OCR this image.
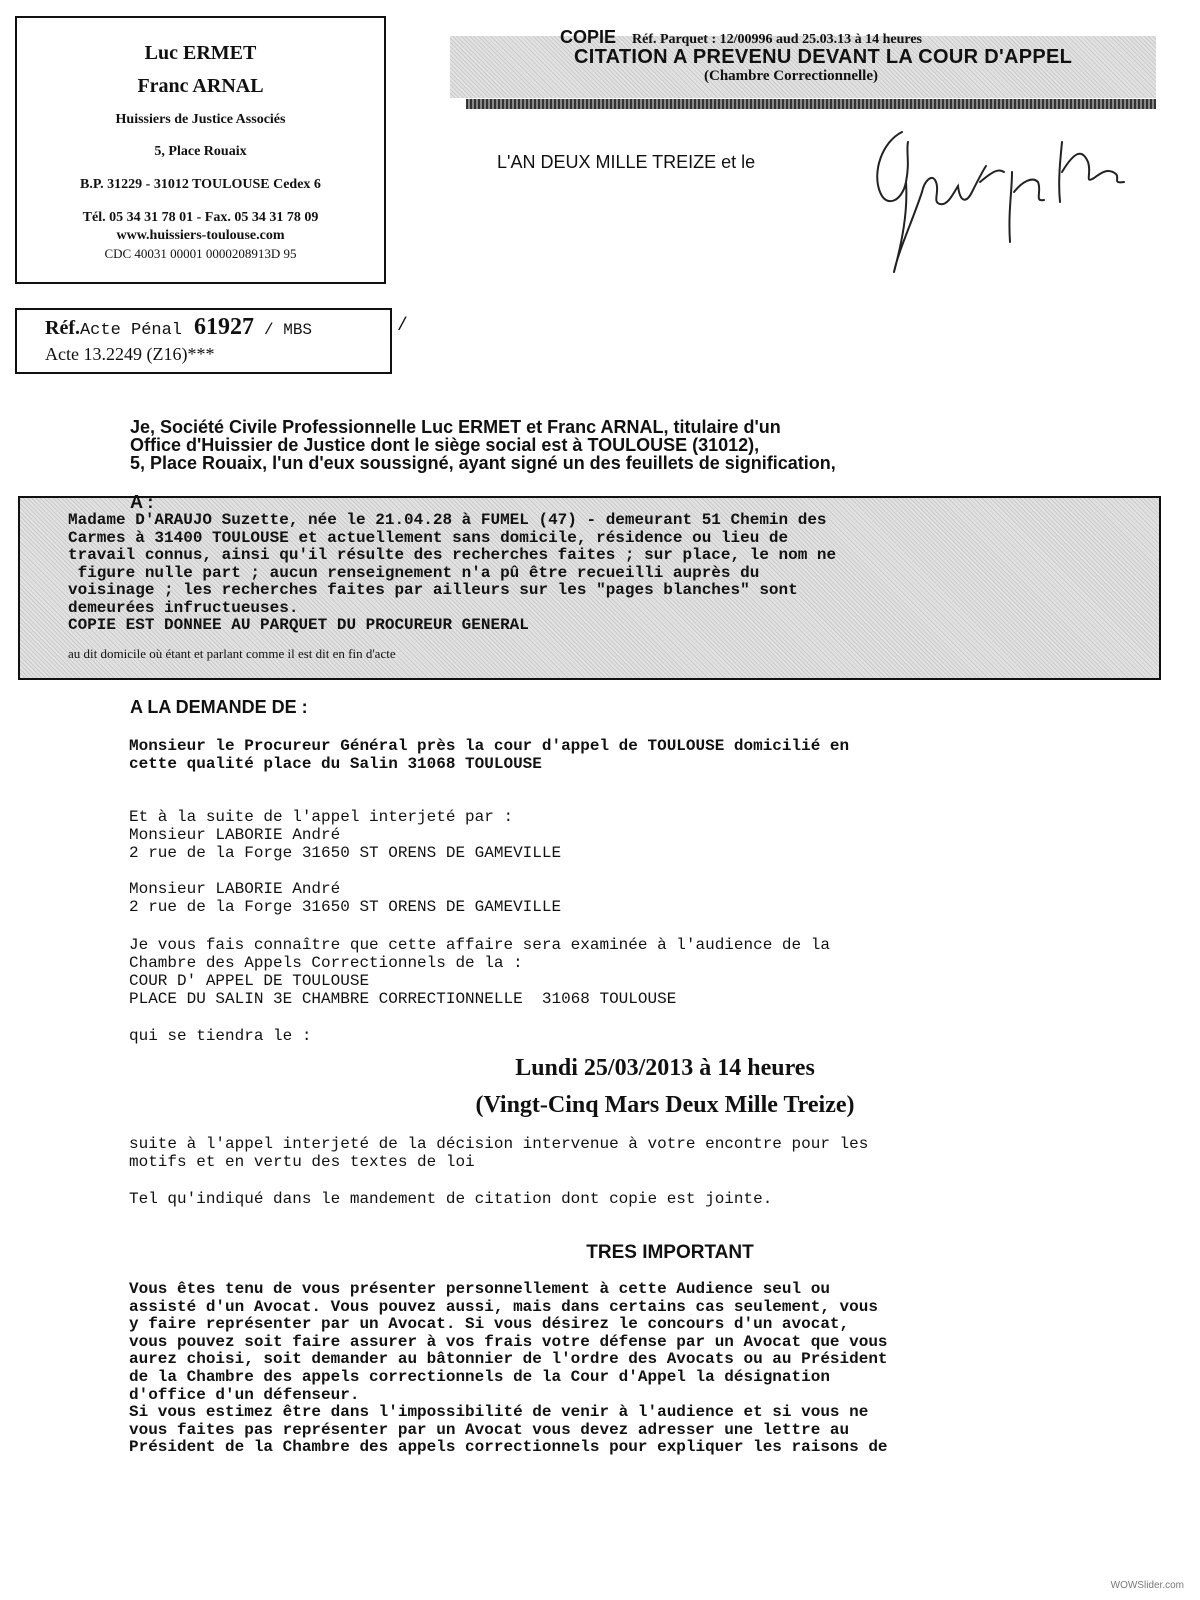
Luc ERMET
Franc ARNAL
Huissiers de Justice Associés
5, Place Rouaix
B.P. 31229 - 31012 TOULOUSE Cedex 6
Tél. 05 34 31 78 01 - Fax. 05 34 31 78 09
www.huissiers-toulouse.com
CDC 40031 00001 0000208913D 95
Réf.Acte Pénal 61927 / MBS	/
Acte 13.2249 (Z16)***
COPIE Réf. Parquet : 12/00996 aud 25.03.13 à 14 heures
CITATION A PREVENU DEVANT LA COUR D'APPEL
(Chambre Correctionnelle)
L'AN DEUX MILLE TREIZE et le
Je, Société Civile Professionnelle Luc ERMET et Franc ARNAL, titulaire d'un
Office d'Huissier de Justice dont le siège social est à TOULOUSE (31012),
5, Place Rouaix, l'un d'eux soussigné, ayant signé un des feuillets de signification,
A :
Madame D'ARAUJO Suzette, née le 21.04.28 à FUMEL (47) - demeurant 51 Chemin des
Carmes à 31400 TOULOUSE et actuellement sans domicile, résidence ou lieu de
travail connus, ainsi qu'il résulte des recherches faites ; sur place, le nom ne
figure nulle part ; aucun renseignement n'a pû être recueilli auprès du
voisinage ; les recherches faites par ailleurs sur les "pages blanches" sont
demeurées infructueuses.
COPIE EST DONNEE AU PARQUET DU PROCUREUR GENERAL
au dit domicile où étant et parlant comme il est dit en fin d'acte
A LA DEMANDE DE :
Monsieur le Procureur Général près la cour d'appel de TOULOUSE domicilié en
cette qualité place du Salin 31068 TOULOUSE
Et à la suite de l'appel interjeté par :
Monsieur LABORIE André
2 rue de la Forge 31650 ST ORENS DE GAMEVILLE
Monsieur LABORIE André
2 rue de la Forge 31650 ST ORENS DE GAMEVILLE
Je vous fais connaître que cette affaire sera examinée à l'audience de la
Chambre des Appels Correctionnels de la :
COUR D' APPEL DE TOULOUSE
PLACE DU SALIN 3E CHAMBRE CORRECTIONNELLE  31068 TOULOUSE
qui se tiendra le :
Lundi 25/03/2013 à 14 heures
(Vingt-Cinq Mars Deux Mille Treize)
suite à l'appel interjeté de la décision intervenue à votre encontre pour les
motifs et en vertu des textes de loi
Tel qu'indiqué dans le mandement de citation dont copie est jointe.
TRES IMPORTANT
Vous êtes tenu de vous présenter personnellement à cette Audience seul ou
assisté d'un Avocat. Vous pouvez aussi, mais dans certains cas seulement, vous
y faire représenter par un Avocat. Si vous désirez le concours d'un avocat,
vous pouvez soit faire assurer à vos frais votre défense par un Avocat que vous
aurez choisi, soit demander au bâtonnier de l'ordre des Avocats ou au Président
de la Chambre des appels correctionnels de la Cour d'Appel la désignation
d'office d'un défenseur.
Si vous estimez être dans l'impossibilité de venir à l'audience et si vous ne
vous faites pas représenter par un Avocat vous devez adresser une lettre au
Président de la Chambre des appels correctionnels pour expliquer les raisons de
WOWSlider.com
